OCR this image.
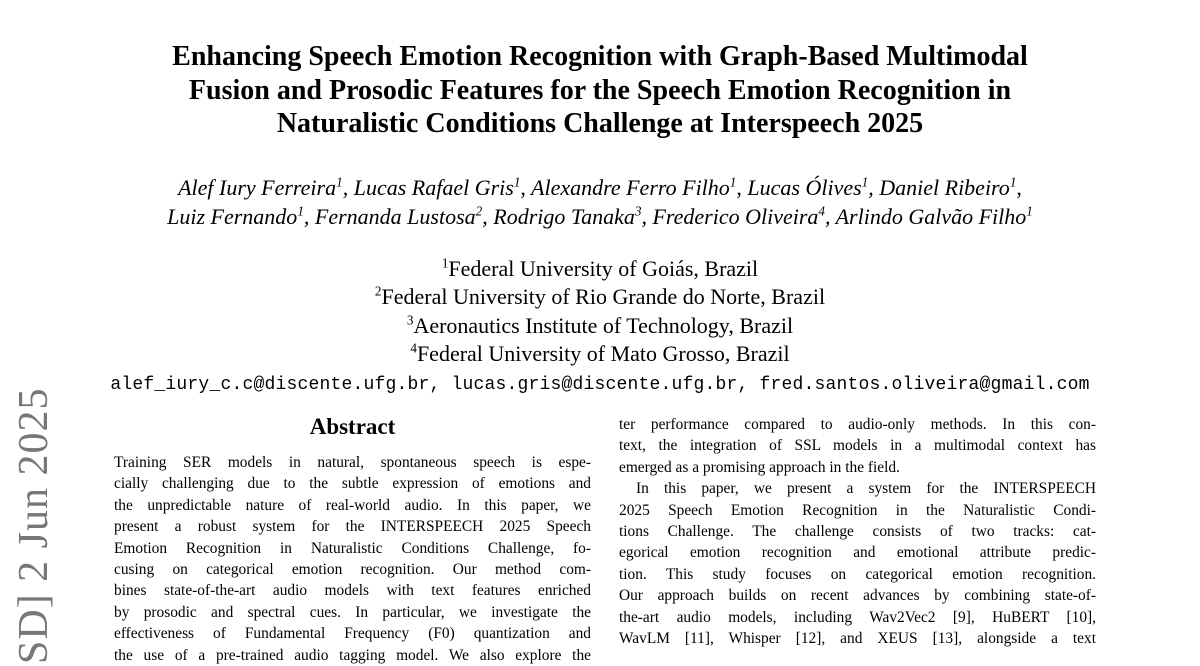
SD] 2 Jun 2025
Enhancing Speech Emotion Recognition with Graph-Based Multimodal
Fusion and Prosodic Features for the Speech Emotion Recognition in
Naturalistic Conditions Challenge at Interspeech 2025
Alef Iury Ferreira$^1$, Lucas Rafael Gris$^1$, Alexandre Ferro Filho$^1$, Lucas Ólives$^1$, Daniel Ribeiro$^1$,
Luiz Fernando$^1$, Fernanda Lustosa$^2$, Rodrigo Tanaka$^3$, Frederico Oliveira$^4$, Arlindo Galvão Filho$^1$
$^1$Federal University of Goiás, Brazil
$^2$Federal University of Rio Grande do Norte, Brazil
$^3$Aeronautics Institute of Technology, Brazil
$^4$Federal University of Mato Grosso, Brazil
alef_iury_c.c@discente.ufg.br, lucas.gris@discente.ufg.br, fred.santos.oliveira@gmail.com
Abstract
Training SER models in natural, spontaneous speech is espe-
cially challenging due to the subtle expression of emotions and
the unpredictable nature of real-world audio. In this paper, we
present a robust system for the INTERSPEECH 2025 Speech
Emotion Recognition in Naturalistic Conditions Challenge, fo-
cusing on categorical emotion recognition. Our method com-
bines state-of-the-art audio models with text features enriched
by prosodic and spectral cues. In particular, we investigate the
effectiveness of Fundamental Frequency (F0) quantization and
the use of a pre-trained audio tagging model. We also explore the
ter performance compared to audio-only methods. In this con-
text, the integration of SSL models in a multimodal context has
emerged as a promising approach in the field.
In this paper, we present a system for the INTERSPEECH
2025 Speech Emotion Recognition in the Naturalistic Condi-
tions Challenge. The challenge consists of two tracks: cat-
egorical emotion recognition and emotional attribute predic-
tion. This study focuses on categorical emotion recognition.
Our approach builds on recent advances by combining state-of-
the-art audio models, including Wav2Vec2 [9], HuBERT [10],
WavLM [11], Whisper [12], and XEUS [13], alongside a text
